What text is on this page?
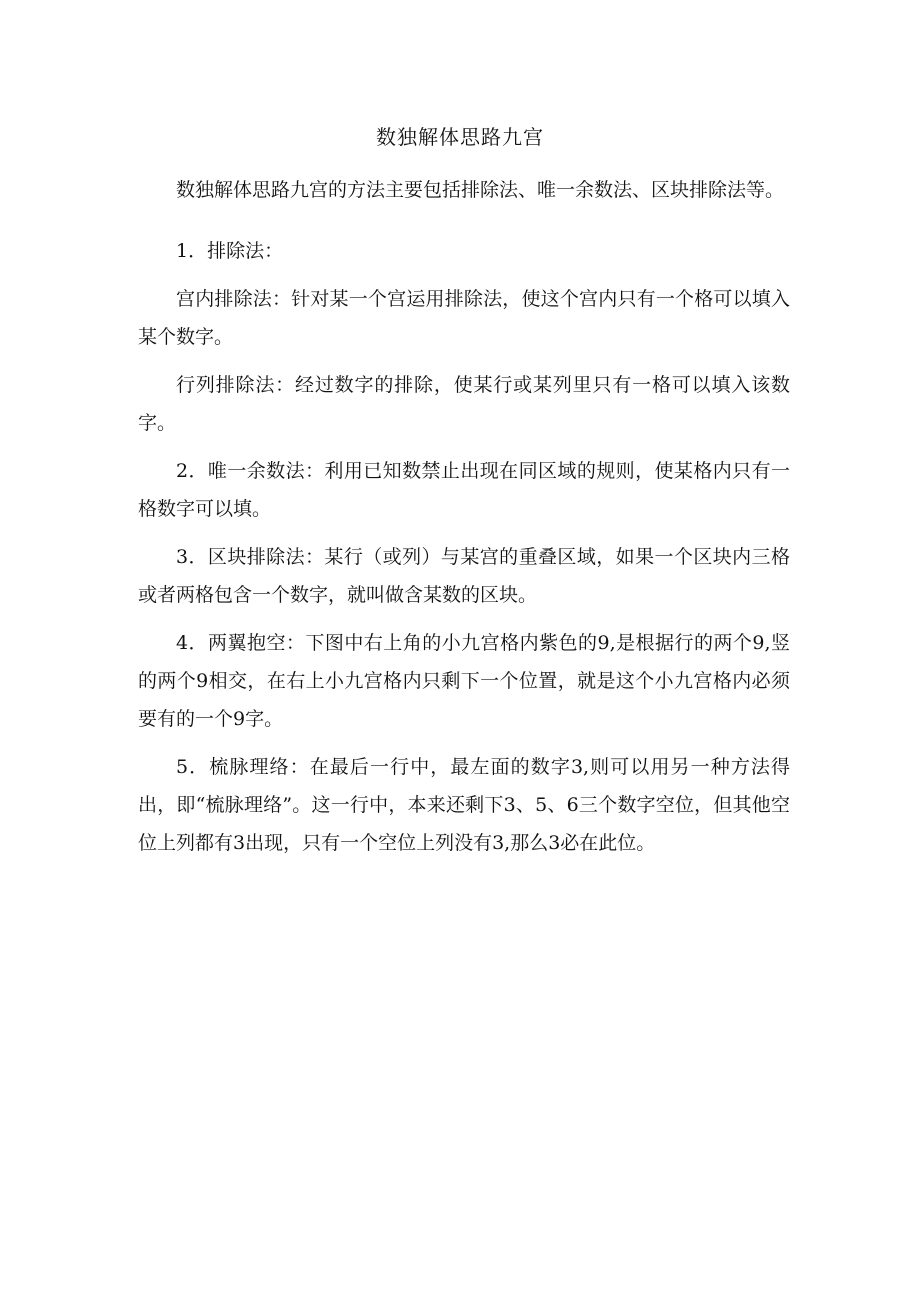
数独解体思路九宫

数独解体思路九宫的方法主要包括排除法、唯一余数法、区块排除法等。

1．排除法：

宫内排除法：针对某一个宫运用排除法，使这个宫内只有一个格可以填入某个数字。

行列排除法：经过数字的排除，使某行或某列里只有一格可以填入该数字。

2．唯一余数法：利用已知数禁止出现在同区域的规则，使某格内只有一格数字可以填。

3．区块排除法：某行（或列）与某宫的重叠区域，如果一个区块内三格或者两格包含一个数字，就叫做含某数的区块。

4．两翼抱空：下图中右上角的小九宫格内紫色的9,是根据行的两个9,竖的两个9相交，在右上小九宫格内只剩下一个位置，就是这个小九宫格内必须要有的一个9字。

5．梳脉理络：在最后一行中，最左面的数字3,则可以用另一种方法得出，即“梳脉理络”。这一行中，本来还剩下3、5、6三个数字空位，但其他空位上列都有3出现，只有一个空位上列没有3,那么3必在此位。
